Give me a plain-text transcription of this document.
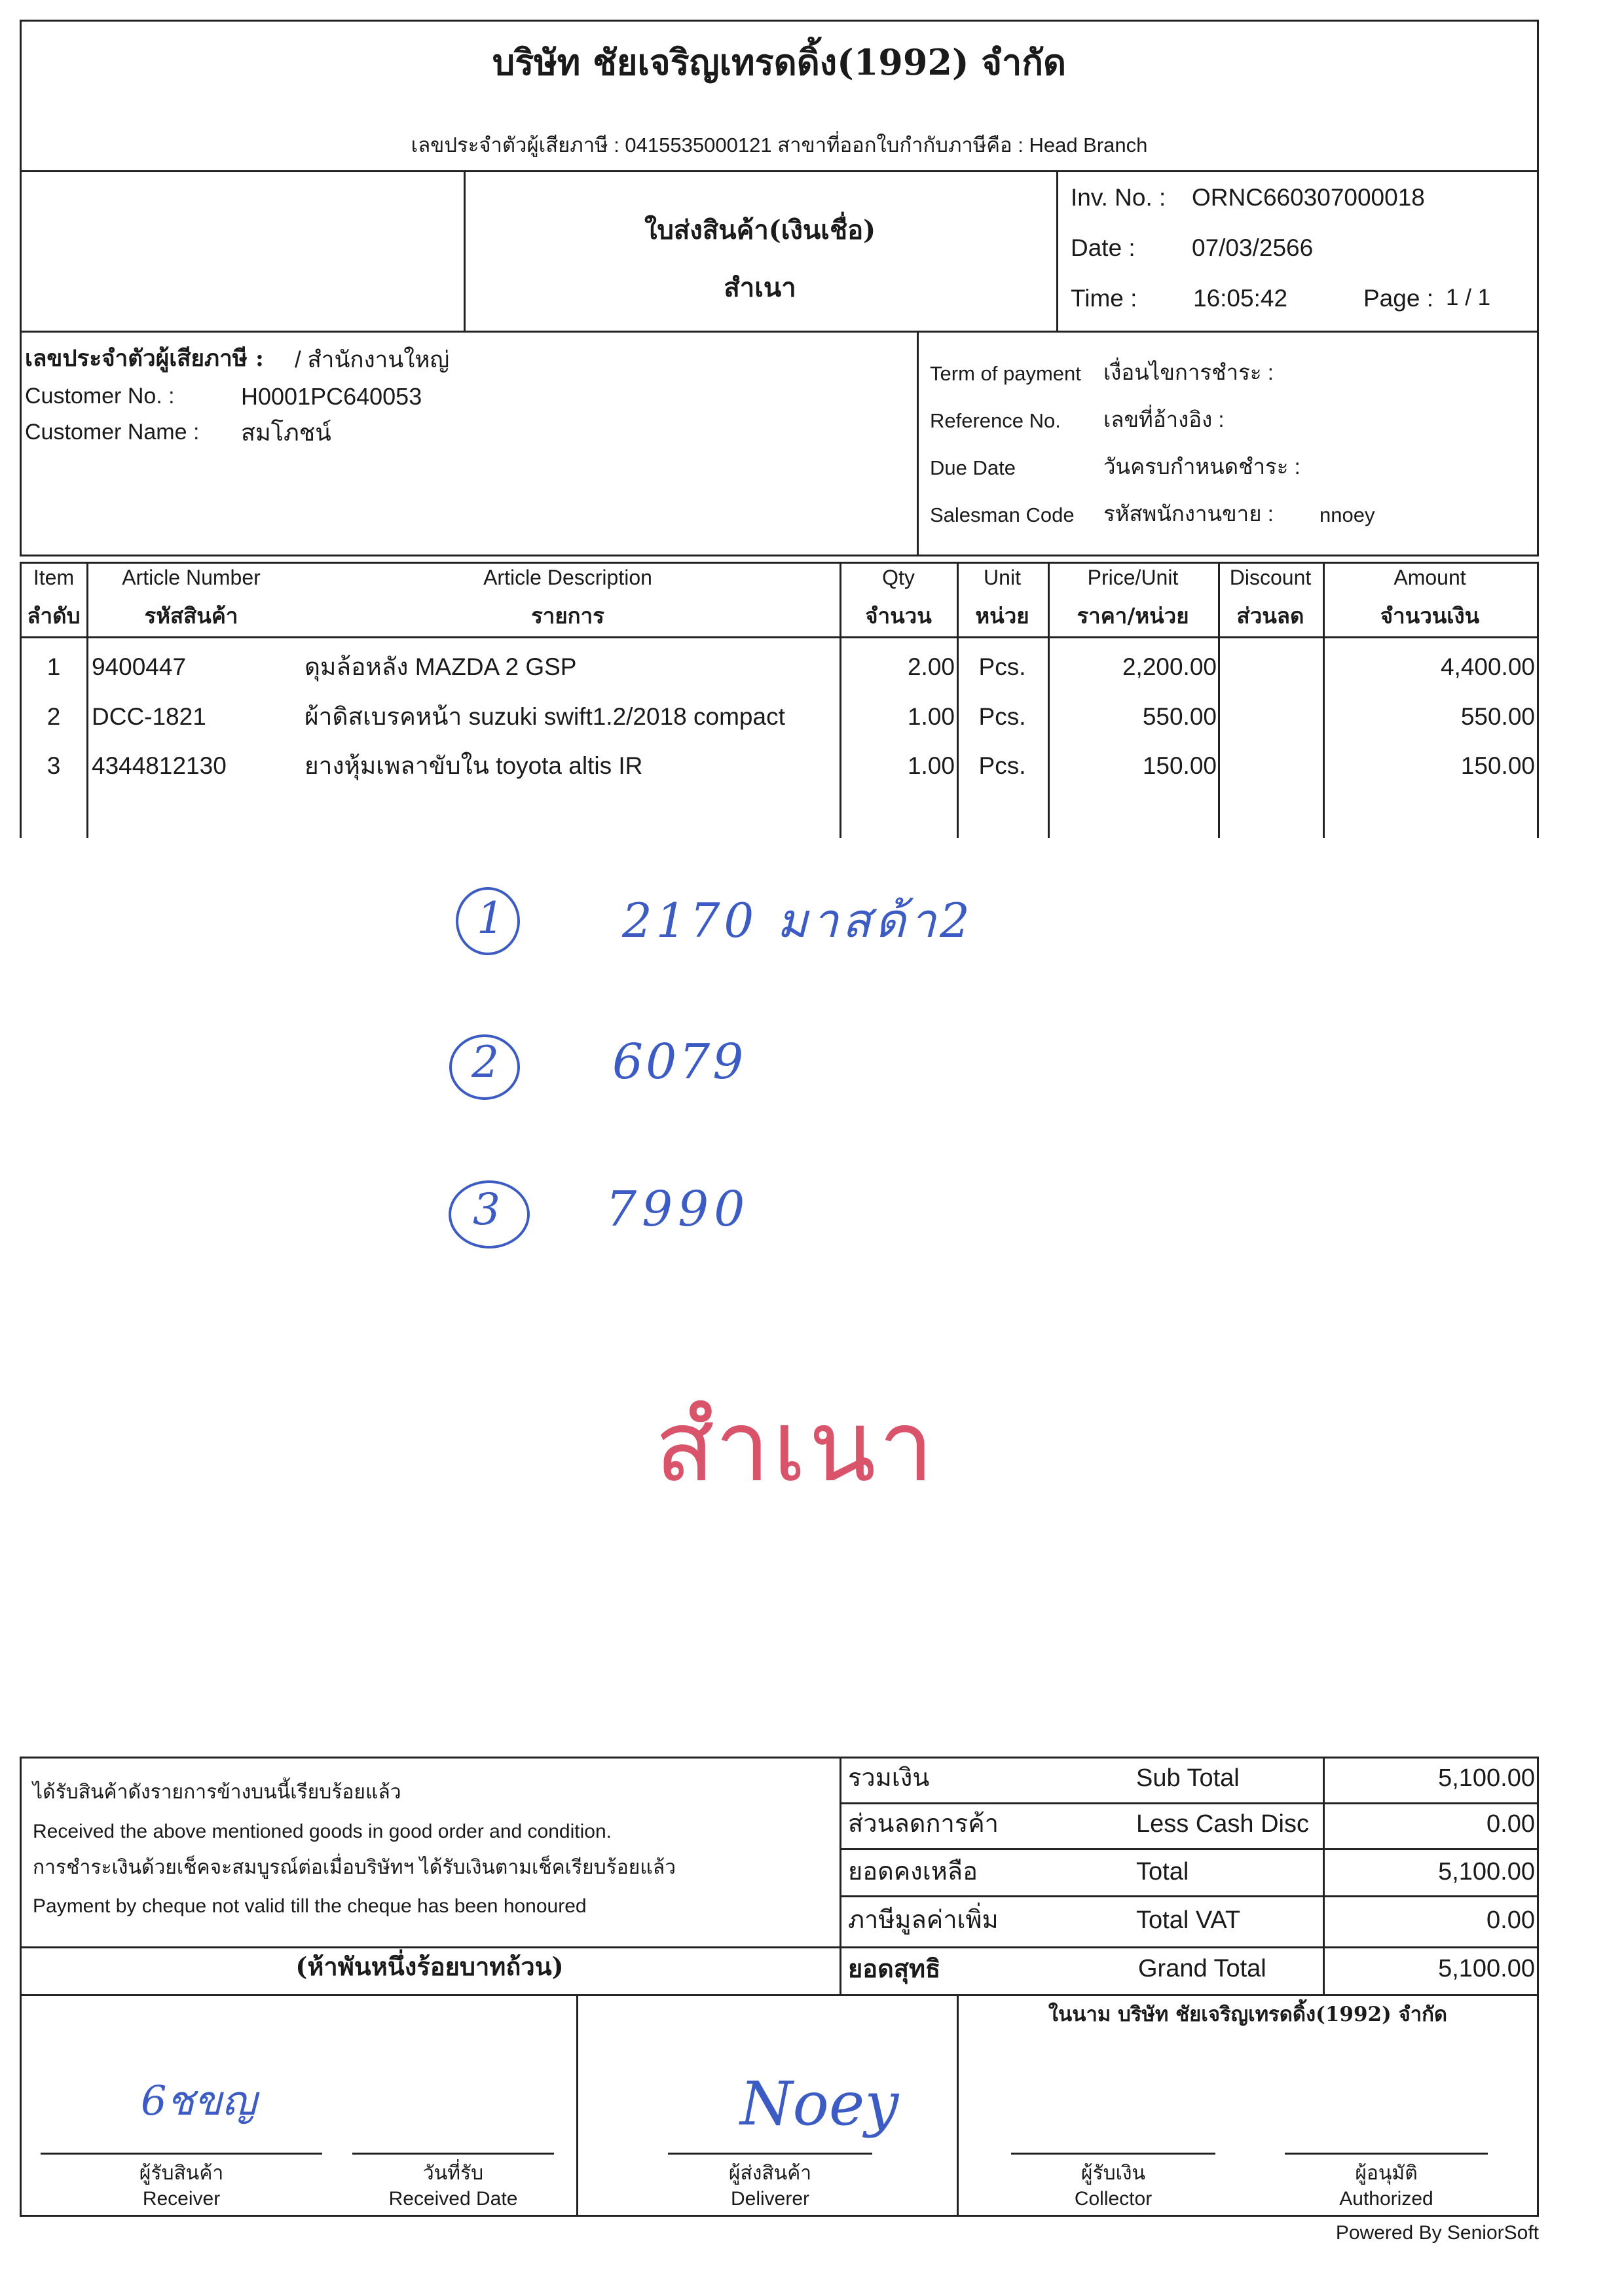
บริษัท ชัยเจริญเทรดดิ้ง(1992) จำกัด
เลขประจำตัวผู้เสียภาษี : 0415535000121 สาขาที่ออกใบกำกับภาษีคือ : Head Branch
ใบส่งสินค้า(เงินเชื่อ)
สำเนา
Inv. No. : ORNC660307000018
Date : 07/03/2566
Time : 16:05:42	Page : 1 / 1
เลขประจำตัวผู้เสียภาษี : / สำนักงานใหญ่
Customer No. :	H0001PC640053
Customer Name : สมโภชน์
Term of payment เงื่อนไขการชำระ :
Reference No. เลขที่อ้างอิง :
Due Date	วันครบกำหนดชำระ :
Salesman Code รหัสพนักงานขาย : nnoey
Item	Article Number	Article Description	Qty	Unit	Price/Unit	Discount	Amount
ลำดับ	รหัสสินค้า	รายการ	จำนวน	หน่วย	ราคา/หน่วย	ส่วนลด	จำนวนเงิน
1	9400447	ดุมล้อหลัง MAZDA 2 GSP	2.00 Pcs.	2,200.00	4,400.00
2	DCC-1821	ผ้าดิสเบรคหน้า suzuki swift1.2/2018 compact	1.00 Pcs.	550.00	550.00
3	4344812130	ยางหุ้มเพลาขับใน toyota altis IR	1.00 Pcs.	150.00	150.00
1	2170 มาสด้า2
2 6079
3 7990
สำเนา
ได้รับสินค้าดังรายการข้างบนนี้เรียบร้อยแล้ว
Received the above mentioned goods in good order and condition.
การชำระเงินด้วยเช็คจะสมบูรณ์ต่อเมื่อบริษัทฯ ได้รับเงินตามเช็คเรียบร้อยแล้ว
Payment by cheque not valid till the cheque has been honoured
(ห้าพันหนึ่งร้อยบาทถ้วน)
รวมเงิน	Sub Total	5,100.00
ส่วนลดการค้า	Less Cash Disc	0.00
ยอดคงเหลือ	Total	5,100.00
ภาษีมูลค่าเพิ่ม	Total VAT	0.00
ยอดสุทธิ	Grand Total	5,100.00
ในนาม บริษัท ชัยเจริญเทรดดิ้ง(1992) จำกัด
6ชขญ	Noey
ผู้รับสินค้า
Receiver
วันที่รับ
Received Date
ผู้ส่งสินค้า
Deliverer
ผู้รับเงิน
Collector
ผู้อนุมัติ
Authorized
Powered By SeniorSoft
